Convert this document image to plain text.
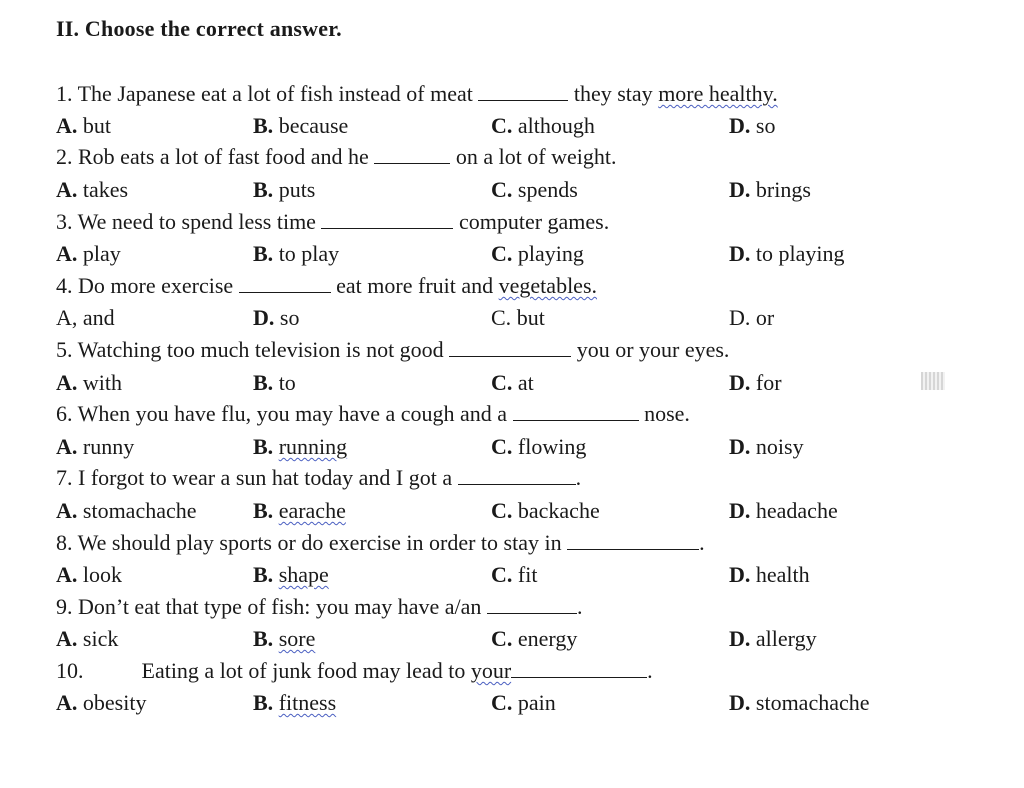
II. Choose the correct answer.
1. The Japanese eat a lot of fish instead of meat	they stay more healthy.
A. but	B. because	C. although	D. so
2. Rob eats a lot of fast food and he	on a lot of weight.
A. takes	B. puts	C. spends	D. brings
3. We need to spend less time	computer games.
A. play	B. to play	C. playing	D. to playing
4. Do more exercise	eat more fruit and vegetables.
A, and	D. so	C. but	D. or
5. Watching too much television is not good	you or your eyes.
A. with	B. to	C. at	D. for
6. When you have flu, you may have a cough and a	nose.
A. runny	B. running	C. flowing	D. noisy
7. I forgot to wear a sun hat today and I got a	.
A. stomachache	B. earache	C. backache	D. headache
8. We should play sports or do exercise in order to stay in	.
A. look	B. shape	C. fit	D. health
9. Don’t eat that type of fish: you may have a/an	.
A. sick	B. sore	C. energy	D. allergy
10.	Eating a lot of junk food may lead to your	.
A. obesity	B. fitness	C. pain	D. stomachache
